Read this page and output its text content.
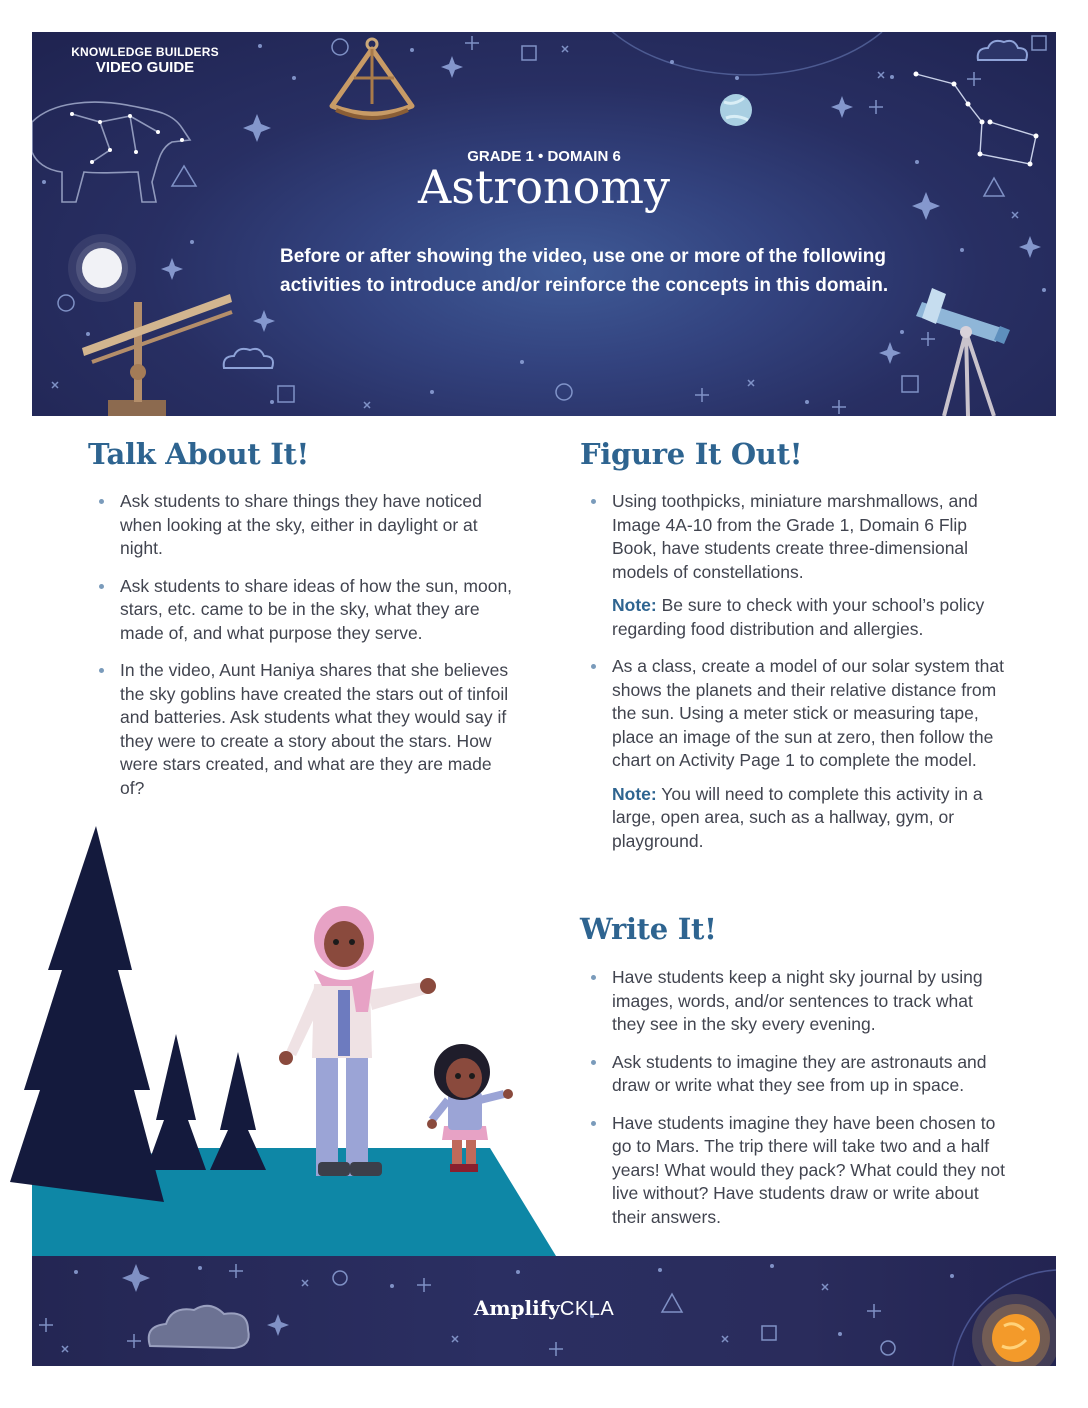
KNOWLEDGE BUILDERS
VIDEO GUIDE
GRADE 1 • DOMAIN 6
Astronomy
Before or after showing the video, use one or more of the following activities to introduce and/or reinforce the concepts in this domain.
Talk About It!
Ask students to share things they have noticed when looking at the sky, either in daylight or at night.
Ask students to share ideas of how the sun, moon, stars, etc. came to be in the sky, what they are made of, and what purpose they serve.
In the video, Aunt Haniya shares that she believes the sky goblins have created the stars out of tinfoil and batteries. Ask students what they would say if they were to create a story about the stars. How were stars created, and what are they are made of?
Figure It Out!
Using toothpicks, miniature marshmallows, and Image 4A-10 from the Grade 1, Domain 6 Flip Book, have students create three-dimensional models of constellations.
Note: Be sure to check with your school’s policy regarding food distribution and allergies.
As a class, create a model of our solar system that shows the planets and their relative distance from the sun. Using a meter stick or measuring tape, place an image of the sun at zero, then follow the chart on Activity Page 1 to complete the model.
Note: You will need to complete this activity in a large, open area, such as a hallway, gym, or playground.
Write It!
Have students keep a night sky journal by using images, words, and/or sentences to track what they see in the sky every evening.
Ask students to imagine they are astronauts and draw or write what they see from up in space.
Have students imagine they have been chosen to go to Mars. The trip there will take two and a half years! What would they pack? What could they not live without? Have students draw or write about their answers.
AmplifyCKLA
